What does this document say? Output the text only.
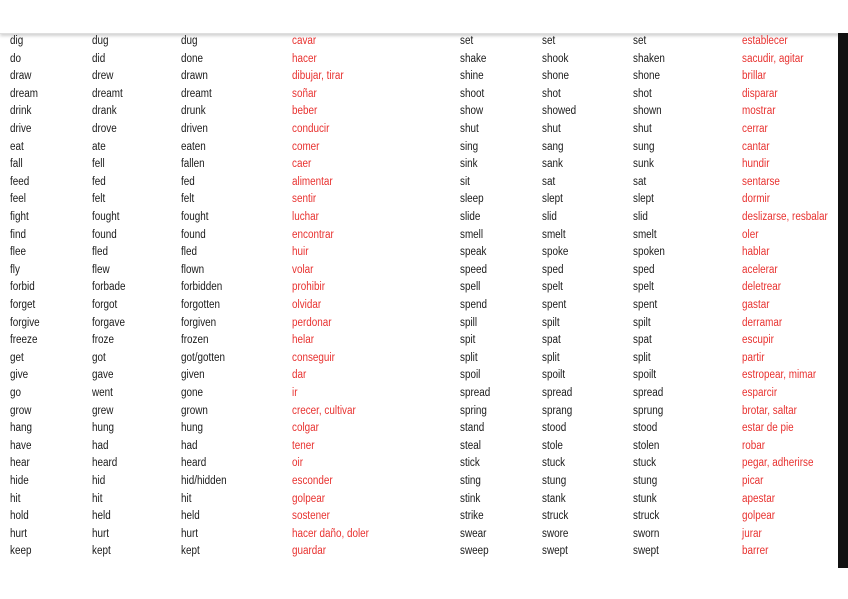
dig	dug	dug	cavar	set	set	set	establecer
do	did	done	hacer	shake	shook	shaken	sacudir, agitar
draw	drew	drawn	dibujar, tirar	shine	shone	shone	brillar
dream	dreamt	dreamt	soñar	shoot	shot	shot	disparar
drink	drank	drunk	beber	show	showed	shown	mostrar
drive	drove	driven	conducir	shut	shut	shut	cerrar
eat	ate	eaten	comer	sing	sang	sung	cantar
fall	fell	fallen	caer	sink	sank	sunk	hundir
feed	fed	fed	alimentar	sit	sat	sat	sentarse
feel	felt	felt	sentir	sleep	slept	slept	dormir
fight	fought	fought	luchar	slide	slid	slid	deslizarse, resbalar
find	found	found	encontrar	smell	smelt	smelt	oler
flee	fled	fled	huir	speak	spoke	spoken	hablar
fly	flew	flown	volar	speed	sped	sped	acelerar
forbid	forbade	forbidden	prohibir	spell	spelt	spelt	deletrear
forget	forgot	forgotten	olvidar	spend	spent	spent	gastar
forgive	forgave	forgiven	perdonar	spill	spilt	spilt	derramar
freeze	froze	frozen	helar	spit	spat	spat	escupir
get	got	got/gotten	conseguir	split	split	split	partir
give	gave	given	dar	spoil	spoilt	spoilt	estropear, mimar
go	went	gone	ir	spread	spread	spread	esparcir
grow	grew	grown	crecer, cultivar	spring	sprang	sprung	brotar, saltar
hang	hung	hung	colgar	stand	stood	stood	estar de pie
have	had	had	tener	steal	stole	stolen	robar
hear	heard	heard	oir	stick	stuck	stuck	pegar, adherirse
hide	hid	hid/hidden	esconder	sting	stung	stung	picar
hit	hit	hit	golpear	stink	stank	stunk	apestar
hold	held	held	sostener	strike	struck	struck	golpear
hurt	hurt	hurt	hacer daño, doler	swear	swore	sworn	jurar
keep	kept	kept	guardar	sweep	swept	swept	barrer
